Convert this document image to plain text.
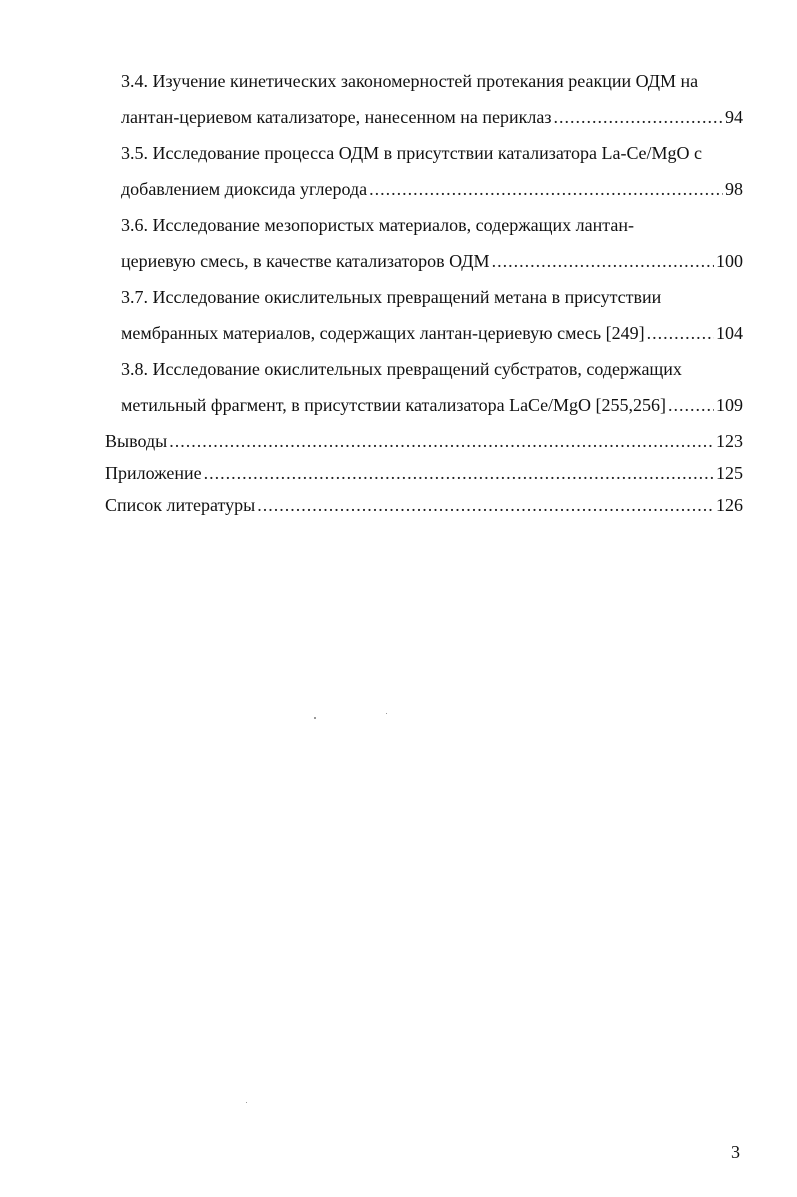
3.4. Изучение кинетических закономерностей протекания реакции ОДМ на
лантан-цериевом катализаторе, нанесенном на периклаз .....	94
3.5. Исследование процесса ОДМ в присутствии катализатора La-Ce/MgO с
добавлением диоксида углерода .....	98
3.6. Исследование мезопористых материалов, содержащих лантан-
цериевую смесь, в качестве катализаторов ОДМ .....	100
3.7. Исследование окислительных превращений метана в присутствии
мембранных материалов, содержащих лантан-цериевую смесь [249] .....	104
3.8. Исследование окислительных превращений субстратов, содержащих
метильный фрагмент, в присутствии катализатора LaCe/MgO [255,256] .....	109
Выводы .....	123
Приложение .....	125
Список литературы .....	126
3
